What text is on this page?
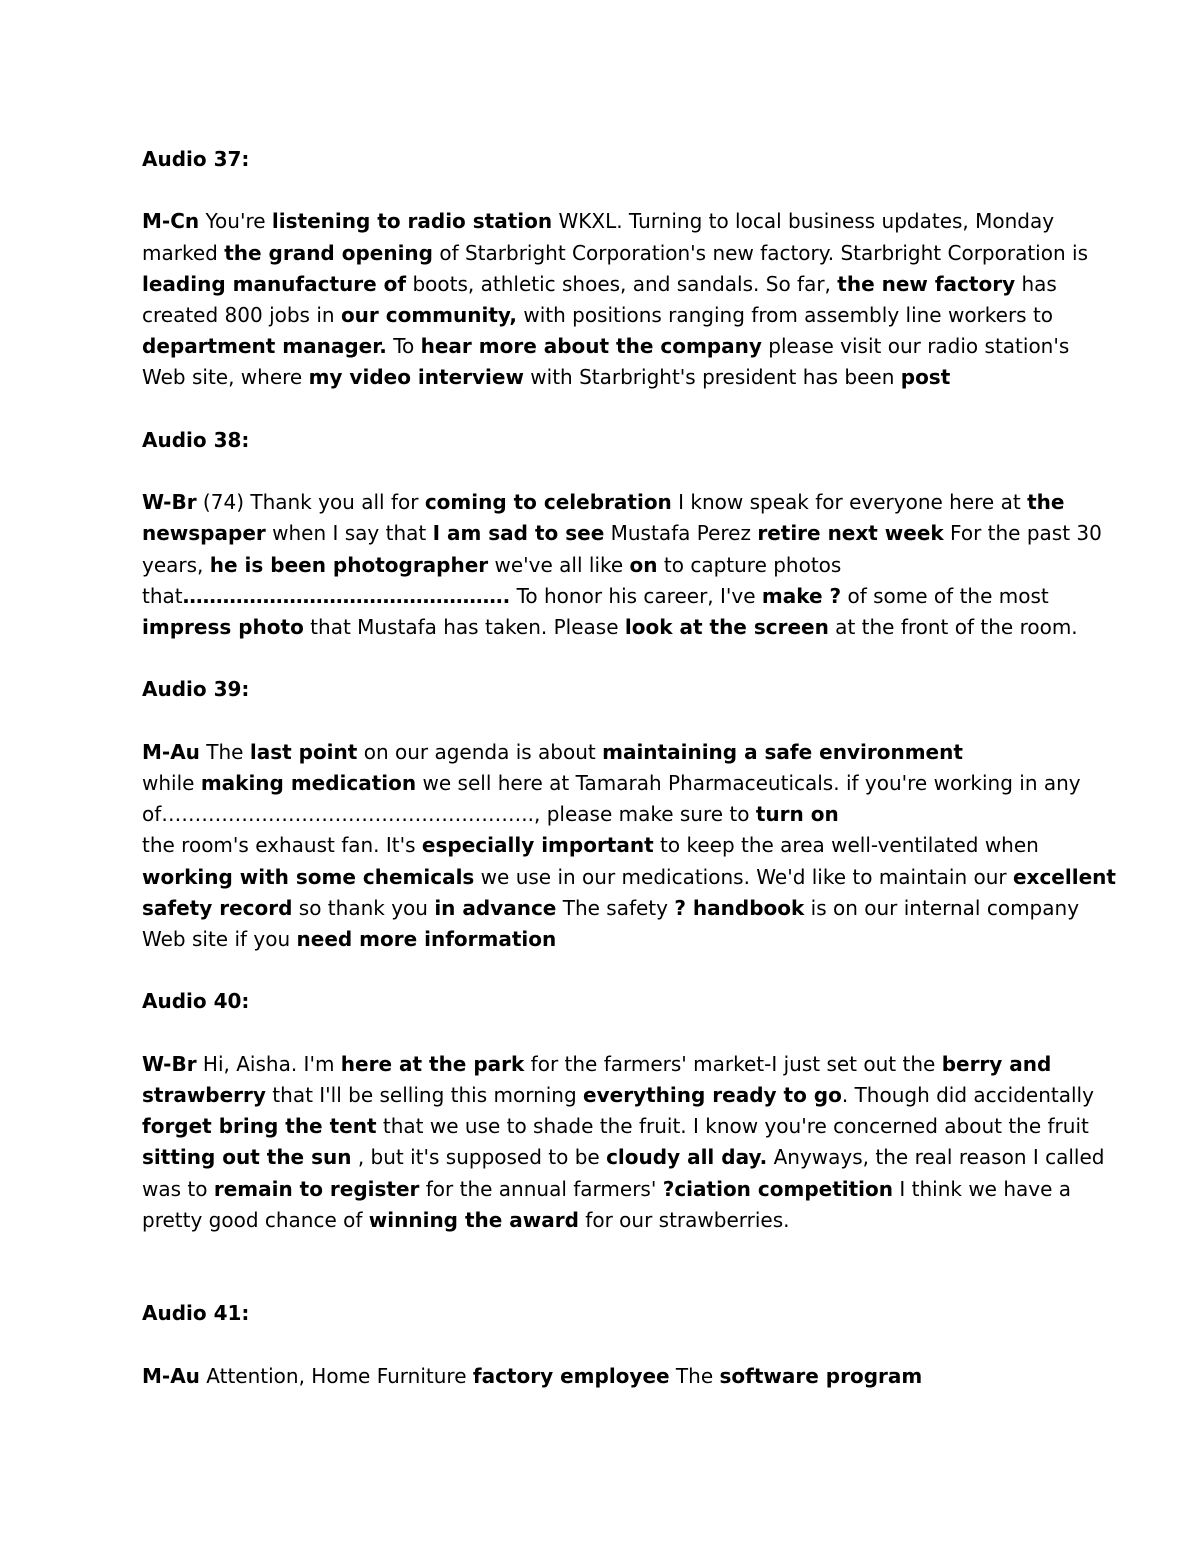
Audio 37:

M-Cn You're listening to radio station WKXL. Turning to local business updates, Monday marked the grand opening of Starbright Corporation's new factory. Starbright Corporation is leading manufacture of boots, athletic shoes, and sandals. So far, the new factory has created 800 jobs in our community, with positions ranging from assembly line workers to department manager. To hear more about the company please visit our radio station's Web site, where my video interview with Starbright's president has been post

Audio 38:

W-Br (74) Thank you all for coming to celebration I know speak for everyone here at the newspaper when I say that I am sad to see Mustafa Perez retire next week For the past 30 years, he is been photographer we've all like on to capture photos that…………………………………………. To honor his career, I've make ? of some of the most impress photo that Mustafa has taken. Please look at the screen at the front of the room.

Audio 39:

M-Au The last point on our agenda is about maintaining a safe environment
while making medication we sell here at Tamarah Pharmaceuticals. if you're working in any of……………………………………………….., please make sure to turn on
the room's exhaust fan. It's especially important to keep the area well-ventilated when working with some chemicals we use in our medications. We'd like to maintain our excellent safety record so thank you in advance The safety ? handbook is on our internal company Web site if you need more information

Audio 40:

W-Br Hi, Aisha. I'm here at the park for the farmers' market-I just set out the berry and strawberry that I'll be selling this morning everything ready to go. Though did accidentally forget bring the tent that we use to shade the fruit. I know you're concerned about the fruit sitting out the sun , but it's supposed to be cloudy all day. Anyways, the real reason I called was to remain to register for the annual farmers' ?ciation competition I think we have a pretty good chance of winning the award for our strawberries.

Audio 41:

M-Au Attention, Home Furniture factory employee The software program
